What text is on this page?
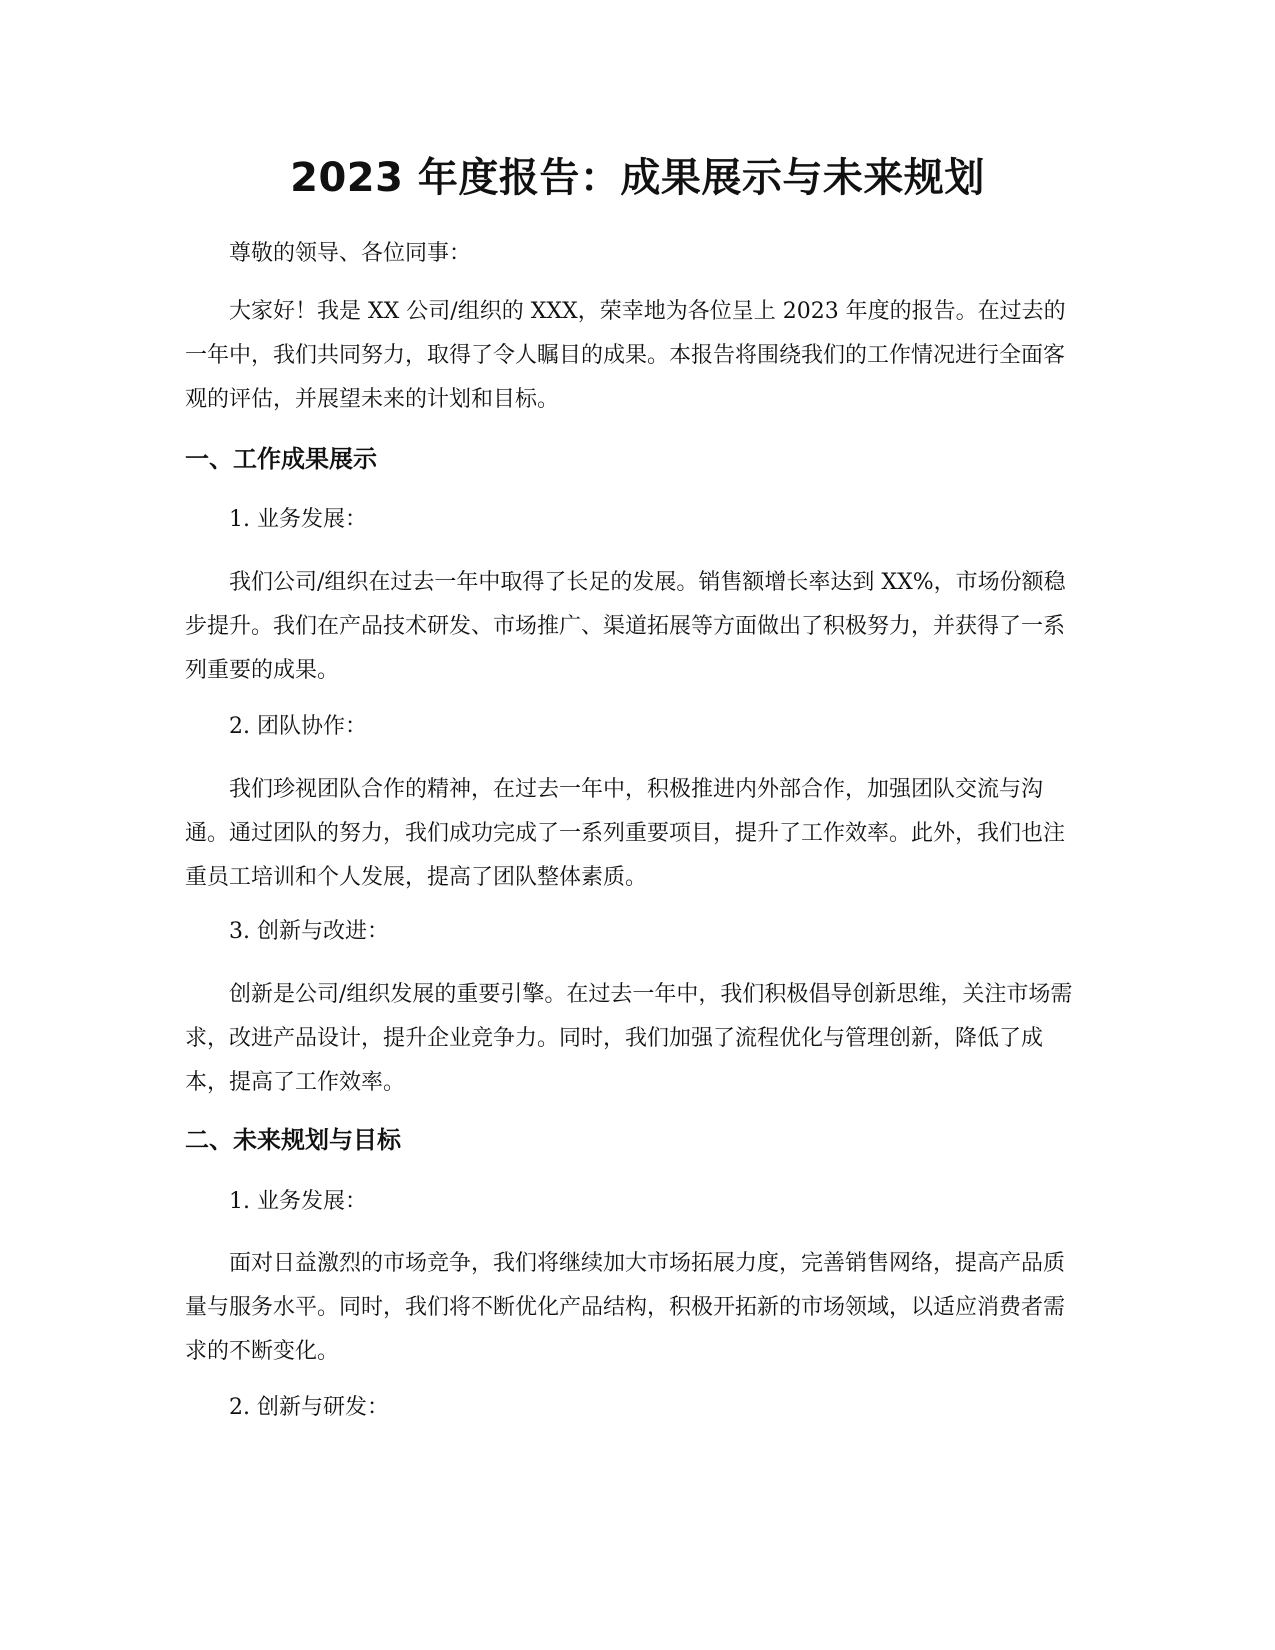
2023 年度报告：成果展示与未来规划

尊敬的领导、各位同事：

大家好！我是 XX 公司/组织的 XXX，荣幸地为各位呈上 2023 年度的报告。在过去的一年中，我们共同努力，取得了令人瞩目的成果。本报告将围绕我们的工作情况进行全面客观的评估，并展望未来的计划和目标。

一、工作成果展示

1. 业务发展：

我们公司/组织在过去一年中取得了长足的发展。销售额增长率达到 XX%，市场份额稳步提升。我们在产品技术研发、市场推广、渠道拓展等方面做出了积极努力，并获得了一系列重要的成果。

2. 团队协作：

我们珍视团队合作的精神，在过去一年中，积极推进内外部合作，加强团队交流与沟通。通过团队的努力，我们成功完成了一系列重要项目，提升了工作效率。此外，我们也注重员工培训和个人发展，提高了团队整体素质。

3. 创新与改进：

创新是公司/组织发展的重要引擎。在过去一年中，我们积极倡导创新思维，关注市场需求，改进产品设计，提升企业竞争力。同时，我们加强了流程优化与管理创新，降低了成本，提高了工作效率。

二、未来规划与目标

1. 业务发展：

面对日益激烈的市场竞争，我们将继续加大市场拓展力度，完善销售网络，提高产品质量与服务水平。同时，我们将不断优化产品结构，积极开拓新的市场领域，以适应消费者需求的不断变化。

2. 创新与研发：
